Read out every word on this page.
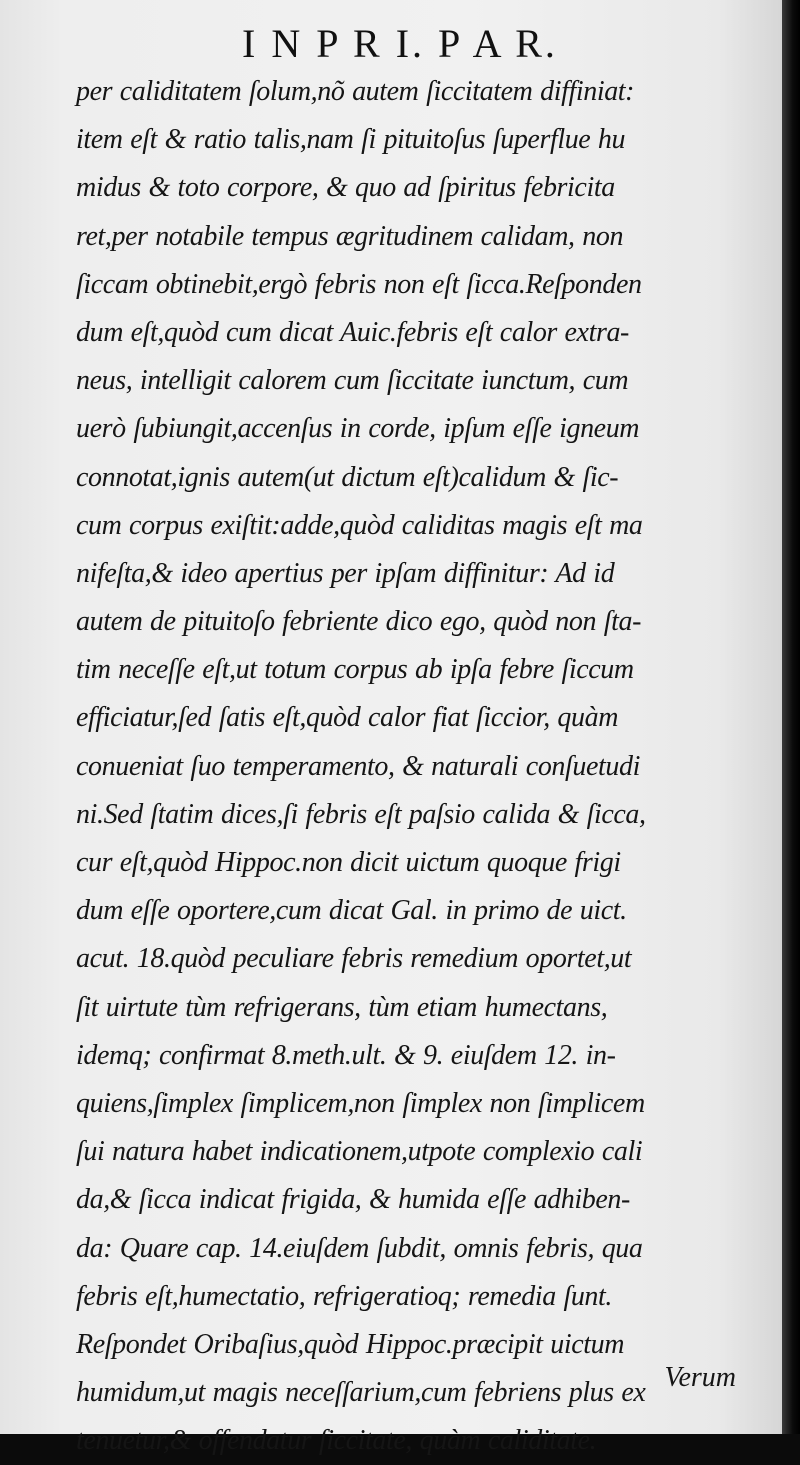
I N P R I. P A R.
per caliditatem ſolum,nõ autem ſiccitatem diffiniat:
item eſt & ratio talis,nam ſi pituitoſus ſuperflue hu
midus & toto corpore, & quo ad ſpiritus febricita
ret,per notabile tempus ægritudinem calidam, non
ſiccam obtinebit,ergò febris non eſt ſicca.Reſponden
dum eſt,quòd cum dicat Auic.febris eſt calor extra-
neus, intelligit calorem cum ſiccitate iunctum, cum
uerò ſubiungit,accenſus in corde, ipſum eſſe igneum
connotat,ignis autem(ut dictum eſt)calidum & ſic-
cum corpus exiſtit:adde,quòd caliditas magis eſt ma
nifeſta,& ideo apertius per ipſam diffinitur: Ad id
autem de pituitoſo febriente dico ego, quòd non ſta-
tim neceſſe eſt,ut totum corpus ab ipſa febre ſiccum
efficiatur,ſed ſatis eſt,quòd calor fiat ſiccior, quàm
conueniat ſuo temperamento, & naturali conſuetudi
ni.Sed ſtatim dices,ſi febris eſt paſsio calida & ſicca,
cur eſt,quòd Hippoc.non dicit uictum quoque frigi
dum eſſe oportere,cum dicat Gal. in primo de uict.
acut. 18.quòd peculiare febris remedium oportet,ut
ſit uirtute tùm refrigerans, tùm etiam humectans,
idemq; confirmat 8.meth.ult. & 9. eiuſdem 12. in-
quiens,ſimplex ſimplicem,non ſimplex non ſimplicem
ſui natura habet indicationem,utpote complexio cali
da,& ſicca indicat frigida, & humida eſſe adhiben-
da: Quare cap. 14.eiuſdem ſubdit, omnis febris, qua
febris eſt,humectatio, refrigeratioq; remedia ſunt.
Reſpondet Oribaſius,quòd Hippoc.præcipit uictum
humidum,ut magis neceſſarium,cum febriens plus ex
tenuetur,& offendatur ſiccitate, quàm caliditate.

Verum
